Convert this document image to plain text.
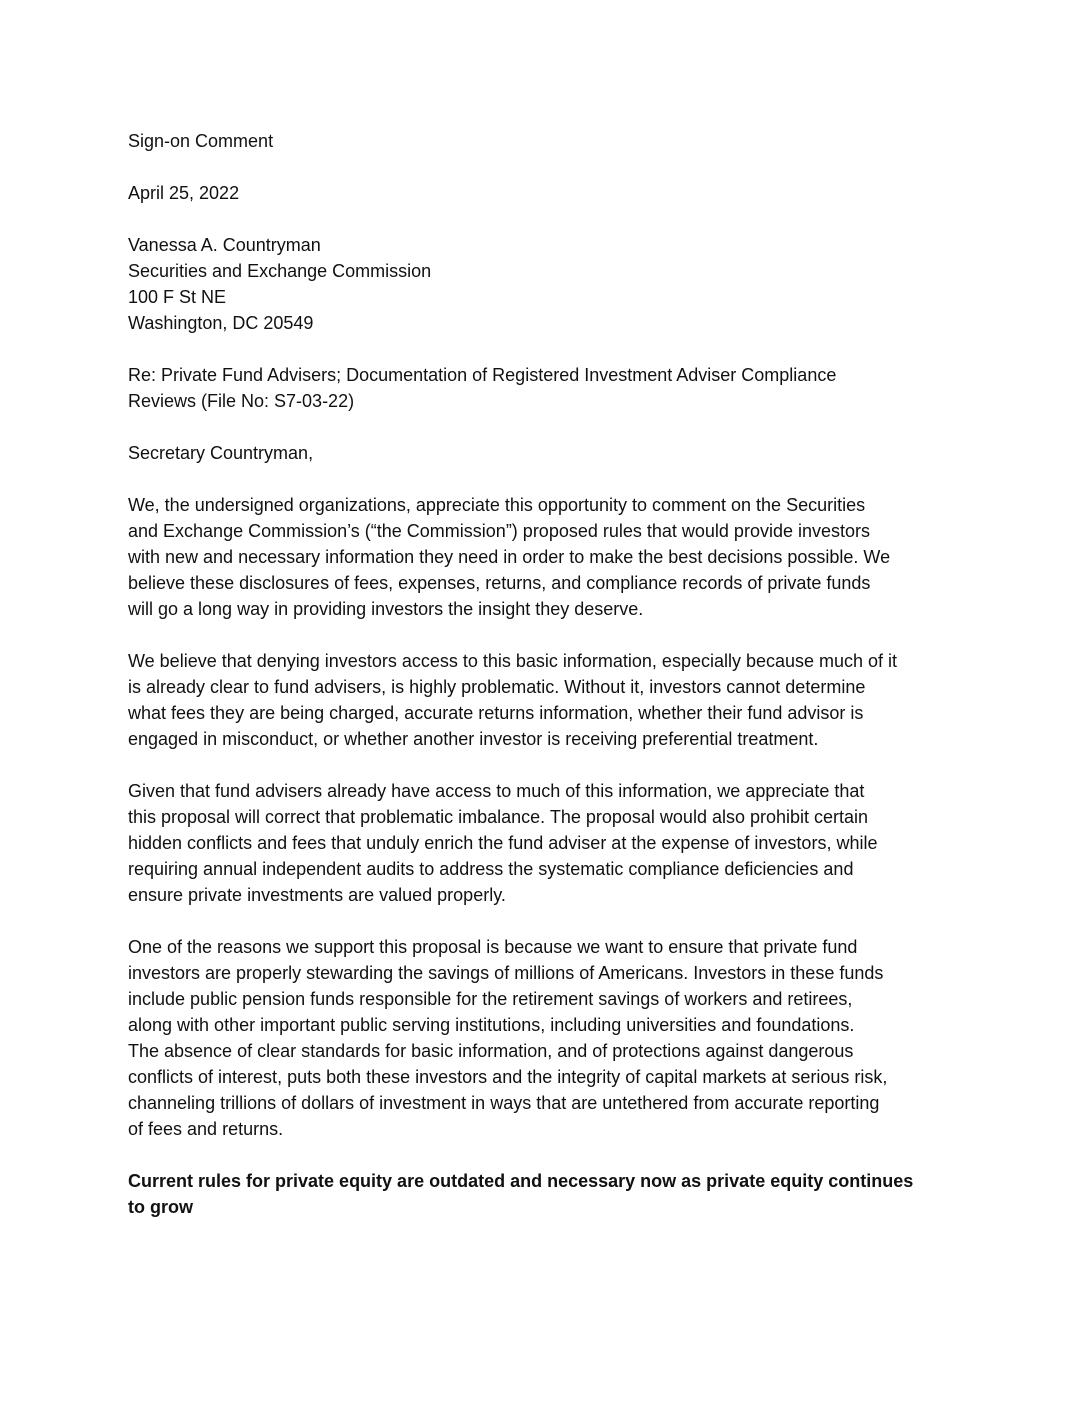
Sign-on Comment
April 25, 2022
Vanessa A. Countryman
Securities and Exchange Commission
100 F St NE
Washington, DC 20549
Re: Private Fund Advisers; Documentation of Registered Investment Adviser Compliance
Reviews (File No: S7-03-22)
Secretary Countryman,
We, the undersigned organizations, appreciate this opportunity to comment on the Securities
and Exchange Commission’s (“the Commission”) proposed rules that would provide investors
with new and necessary information they need in order to make the best decisions possible. We
believe these disclosures of fees, expenses, returns, and compliance records of private funds
will go a long way in providing investors the insight they deserve.
We believe that denying investors access to this basic information, especially because much of it
is already clear to fund advisers, is highly problematic. Without it, investors cannot determine
what fees they are being charged, accurate returns information, whether their fund advisor is
engaged in misconduct, or whether another investor is receiving preferential treatment.
Given that fund advisers already have access to much of this information, we appreciate that
this proposal will correct that problematic imbalance. The proposal would also prohibit certain
hidden conflicts and fees that unduly enrich the fund adviser at the expense of investors, while
requiring annual independent audits to address the systematic compliance deficiencies and
ensure private investments are valued properly.
One of the reasons we support this proposal is because we want to ensure that private fund
investors are properly stewarding the savings of millions of Americans. Investors in these funds
include public pension funds responsible for the retirement savings of workers and retirees,
along with other important public serving institutions, including universities and foundations.
The absence of clear standards for basic information, and of protections against dangerous
conflicts of interest, puts both these investors and the integrity of capital markets at serious risk,
channeling trillions of dollars of investment in ways that are untethered from accurate reporting
of fees and returns.
Current rules for private equity are outdated and necessary now as private equity continues
to grow
